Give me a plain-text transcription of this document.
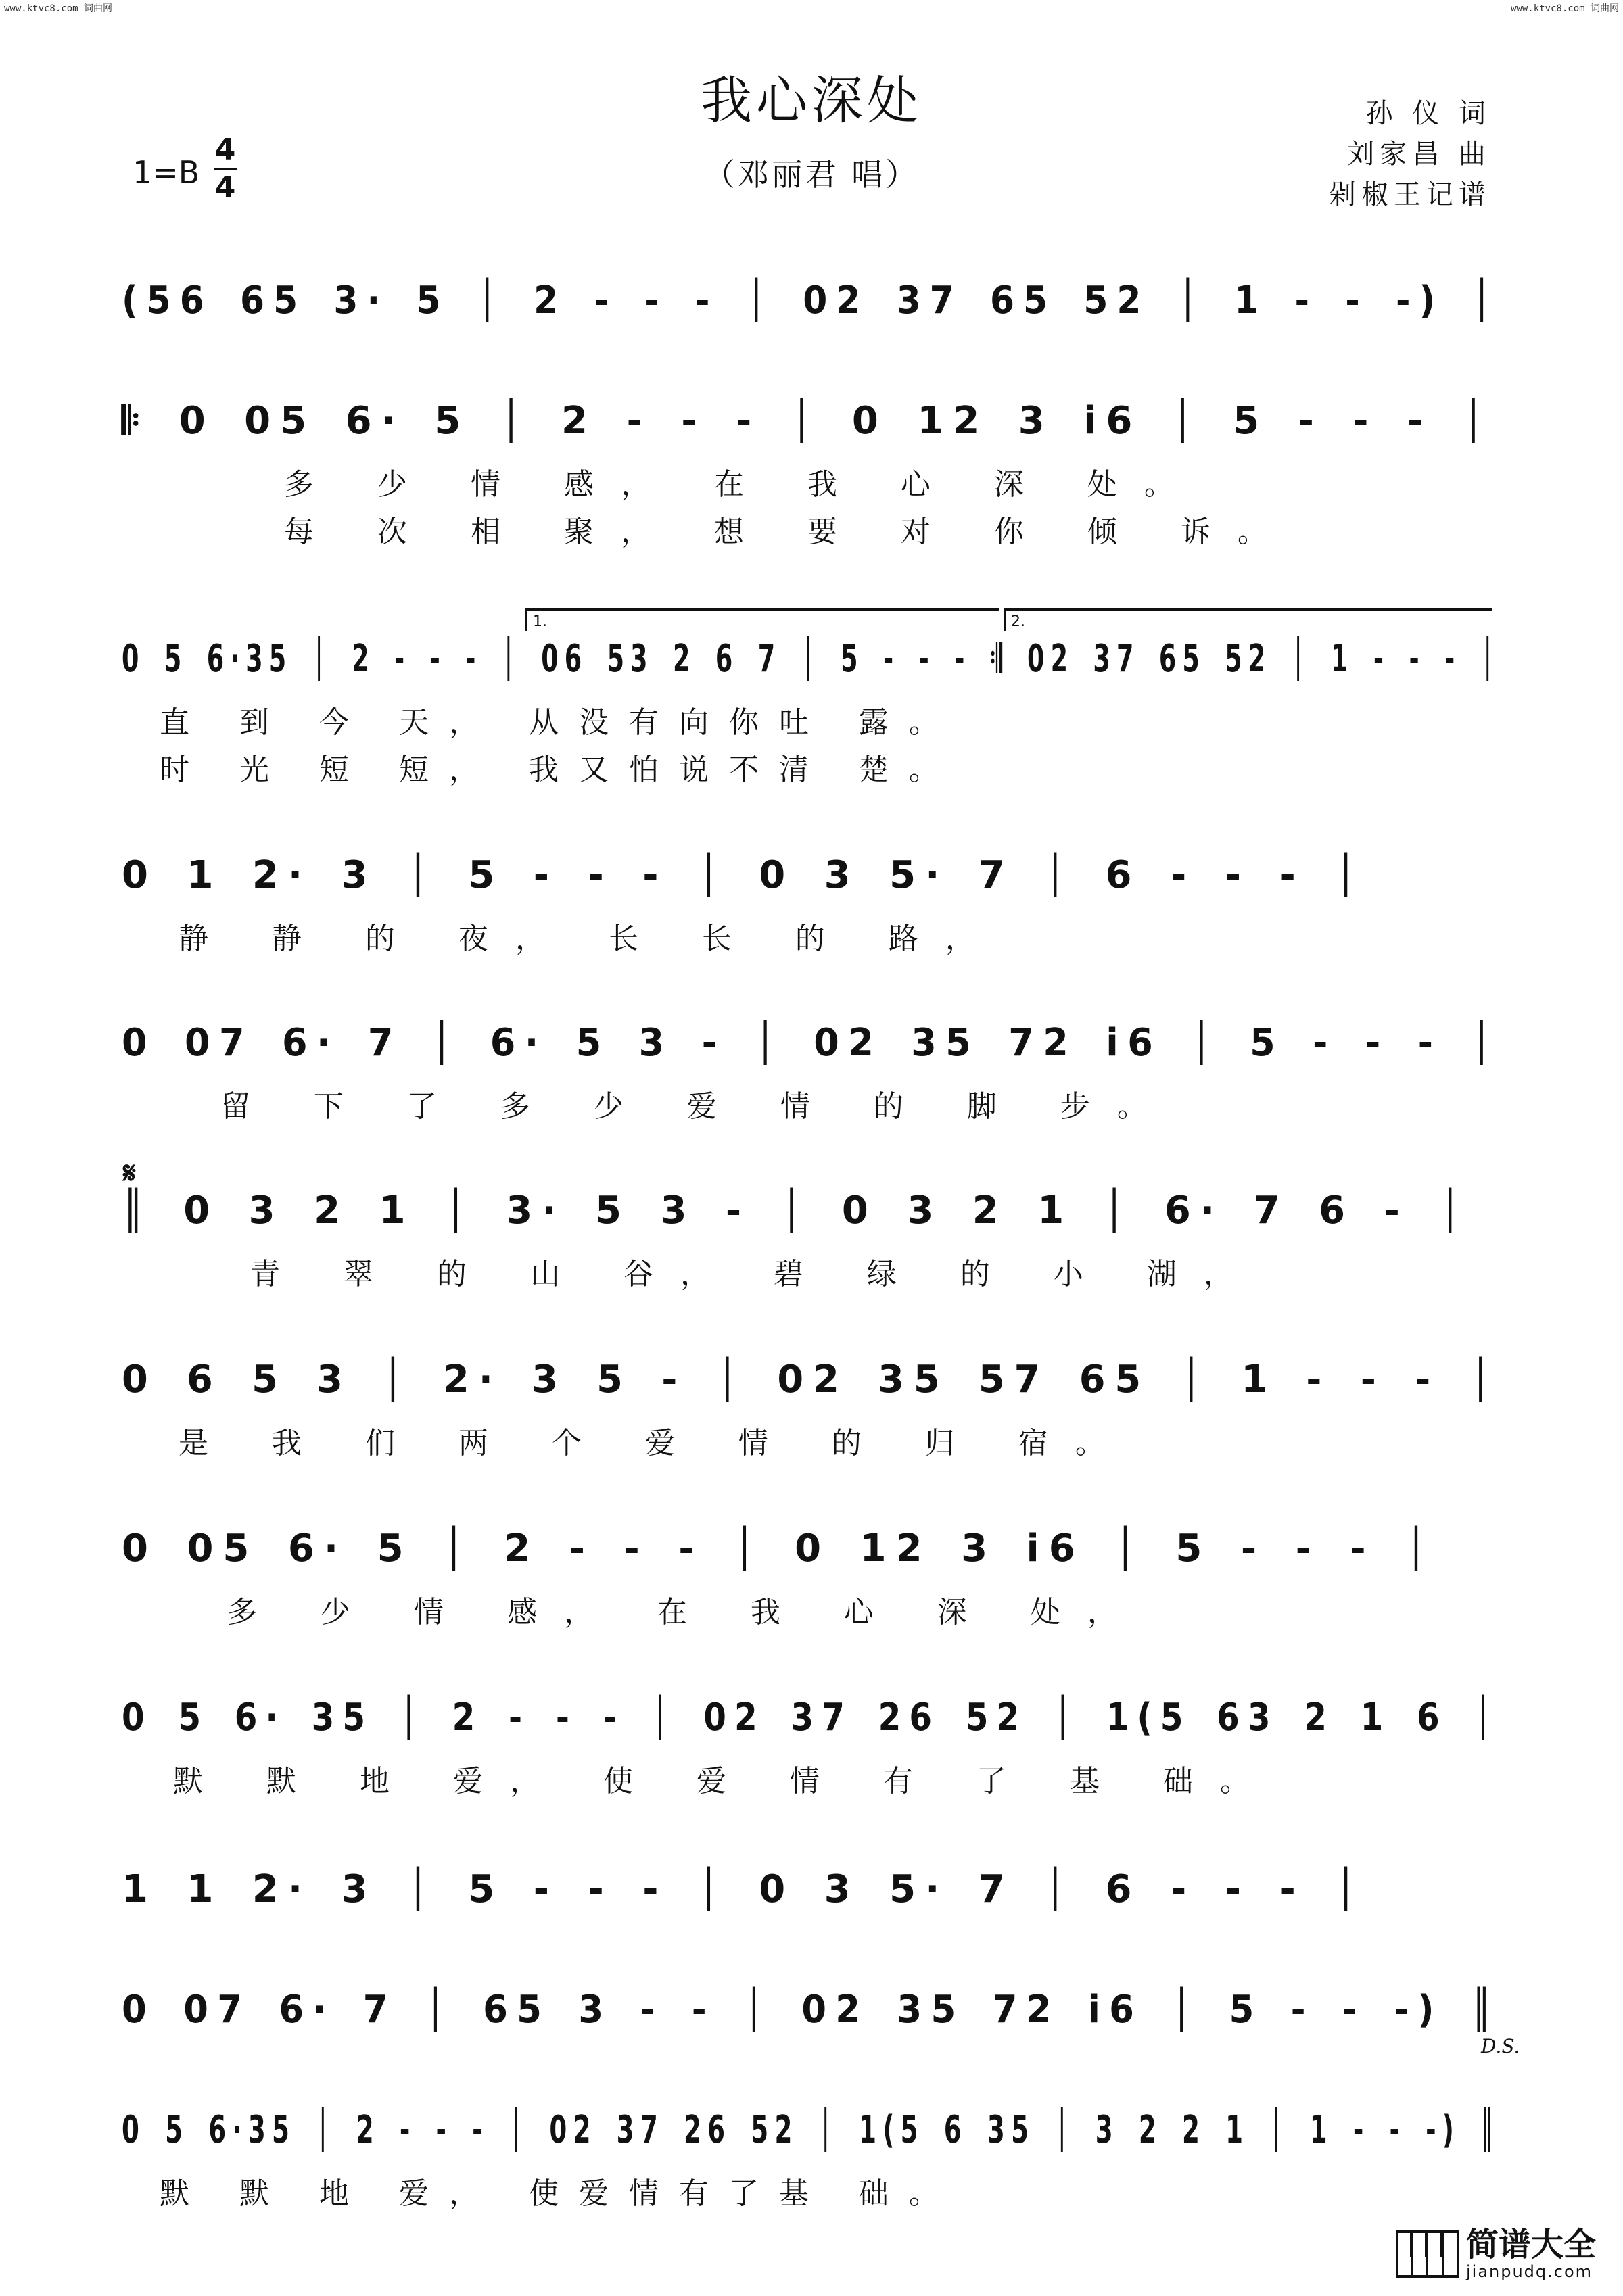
www.ktvc8.com 词曲网	www.ktvc8.com 词曲网
我心深处
（邓丽君 唱）
1=B
4
4
孙 仪 词
刘家昌 曲
剁椒王记谱
(56 65 3· 5 │ 2 - - - │ 02 37 65 52 │ 1 - - -) │
𝄆 0 05 6· 5 │ 2 - - - │ 0 12 3 i6 │ 5 - - - │
多 少 情 感， 在 我 心 深 处。
每 次 相 聚， 想 要 对 你 倾 诉。
1.	2.
0 5 6·35 │ 2 - - - │ 06 53 2 6 7 │ 5 - - - 𝄇 02 37 65 52 │ 1 - - - │
直 到 今 天， 从没有向你吐 露。
时 光 短 短， 我又怕说不清 楚。
0 1 2· 3 │ 5 - - - │ 0 3 5· 7 │ 6 - - - │
静 静 的 夜， 长 长 的 路，
0 07 6· 7 │ 6· 5 3 - │ 02 35 72 i6 │ 5 - - - │
留 下 了 多 少 爱 情 的 脚 步。
𝄋
║ 0 3 2 1 │ 3· 5 3 - │ 0 3 2 1 │ 6· 7 6 - │
青 翠 的 山 谷， 碧 绿 的 小 湖，
0 6 5 3 │ 2· 3 5 - │ 02 35 57 65 │ 1 - - - │
是 我 们 两 个 爱 情 的 归 宿。
0 05 6· 5 │ 2 - - - │ 0 12 3 i6 │ 5 - - - │
多 少 情 感， 在 我 心 深 处，
0 5 6· 35 │ 2 - - - │ 02 37 26 52 │ 1(5 63 2 1 6 │
默 默 地 爱， 使 爱 情 有 了 基 础。
1 1 2· 3 │ 5 - - - │ 0 3 5· 7 │ 6 - - - │
0 07 6· 7 │ 65 3 - - │ 02 35 72 i6 │ 5 - - -) ║
D.S.
0 5 6·35 │ 2 - - - │ 02 37 26 52 │ 1(5 6 35 │ 3 2 2 1 │ 1 - - -) ║
默 默 地 爱， 使爱情有了基 础。
简谱大全
jianpudq.com
